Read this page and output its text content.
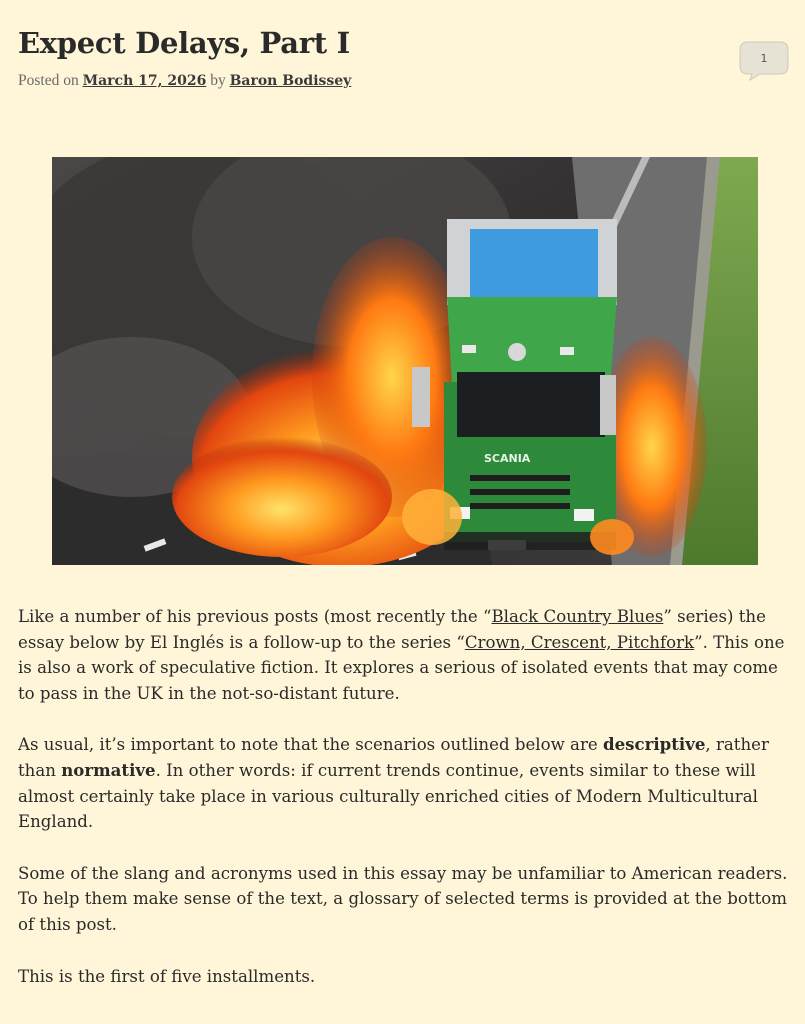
Expect Delays, Part I
Posted on March 17, 2026 by Baron Bodissey
1
SCANIA

Like a number of his previous posts (most recently the “Black Country Blues” series) the essay below by El Inglés is a follow-up to the series “Crown, Crescent, Pitchfork”. This one is also a work of speculative fiction. It explores a serious of isolated events that may come to pass in the UK in the not-so-distant future.

As usual, it’s important to note that the scenarios outlined below are descriptive, rather than normative. In other words: if current trends continue, events similar to these will almost certainly take place in various culturally enriched cities of Modern Multicultural England.

Some of the slang and acronyms used in this essay may be unfamiliar to American readers. To help them make sense of the text, a glossary of selected terms is provided at the bottom of this post.

This is the first of five installments.
